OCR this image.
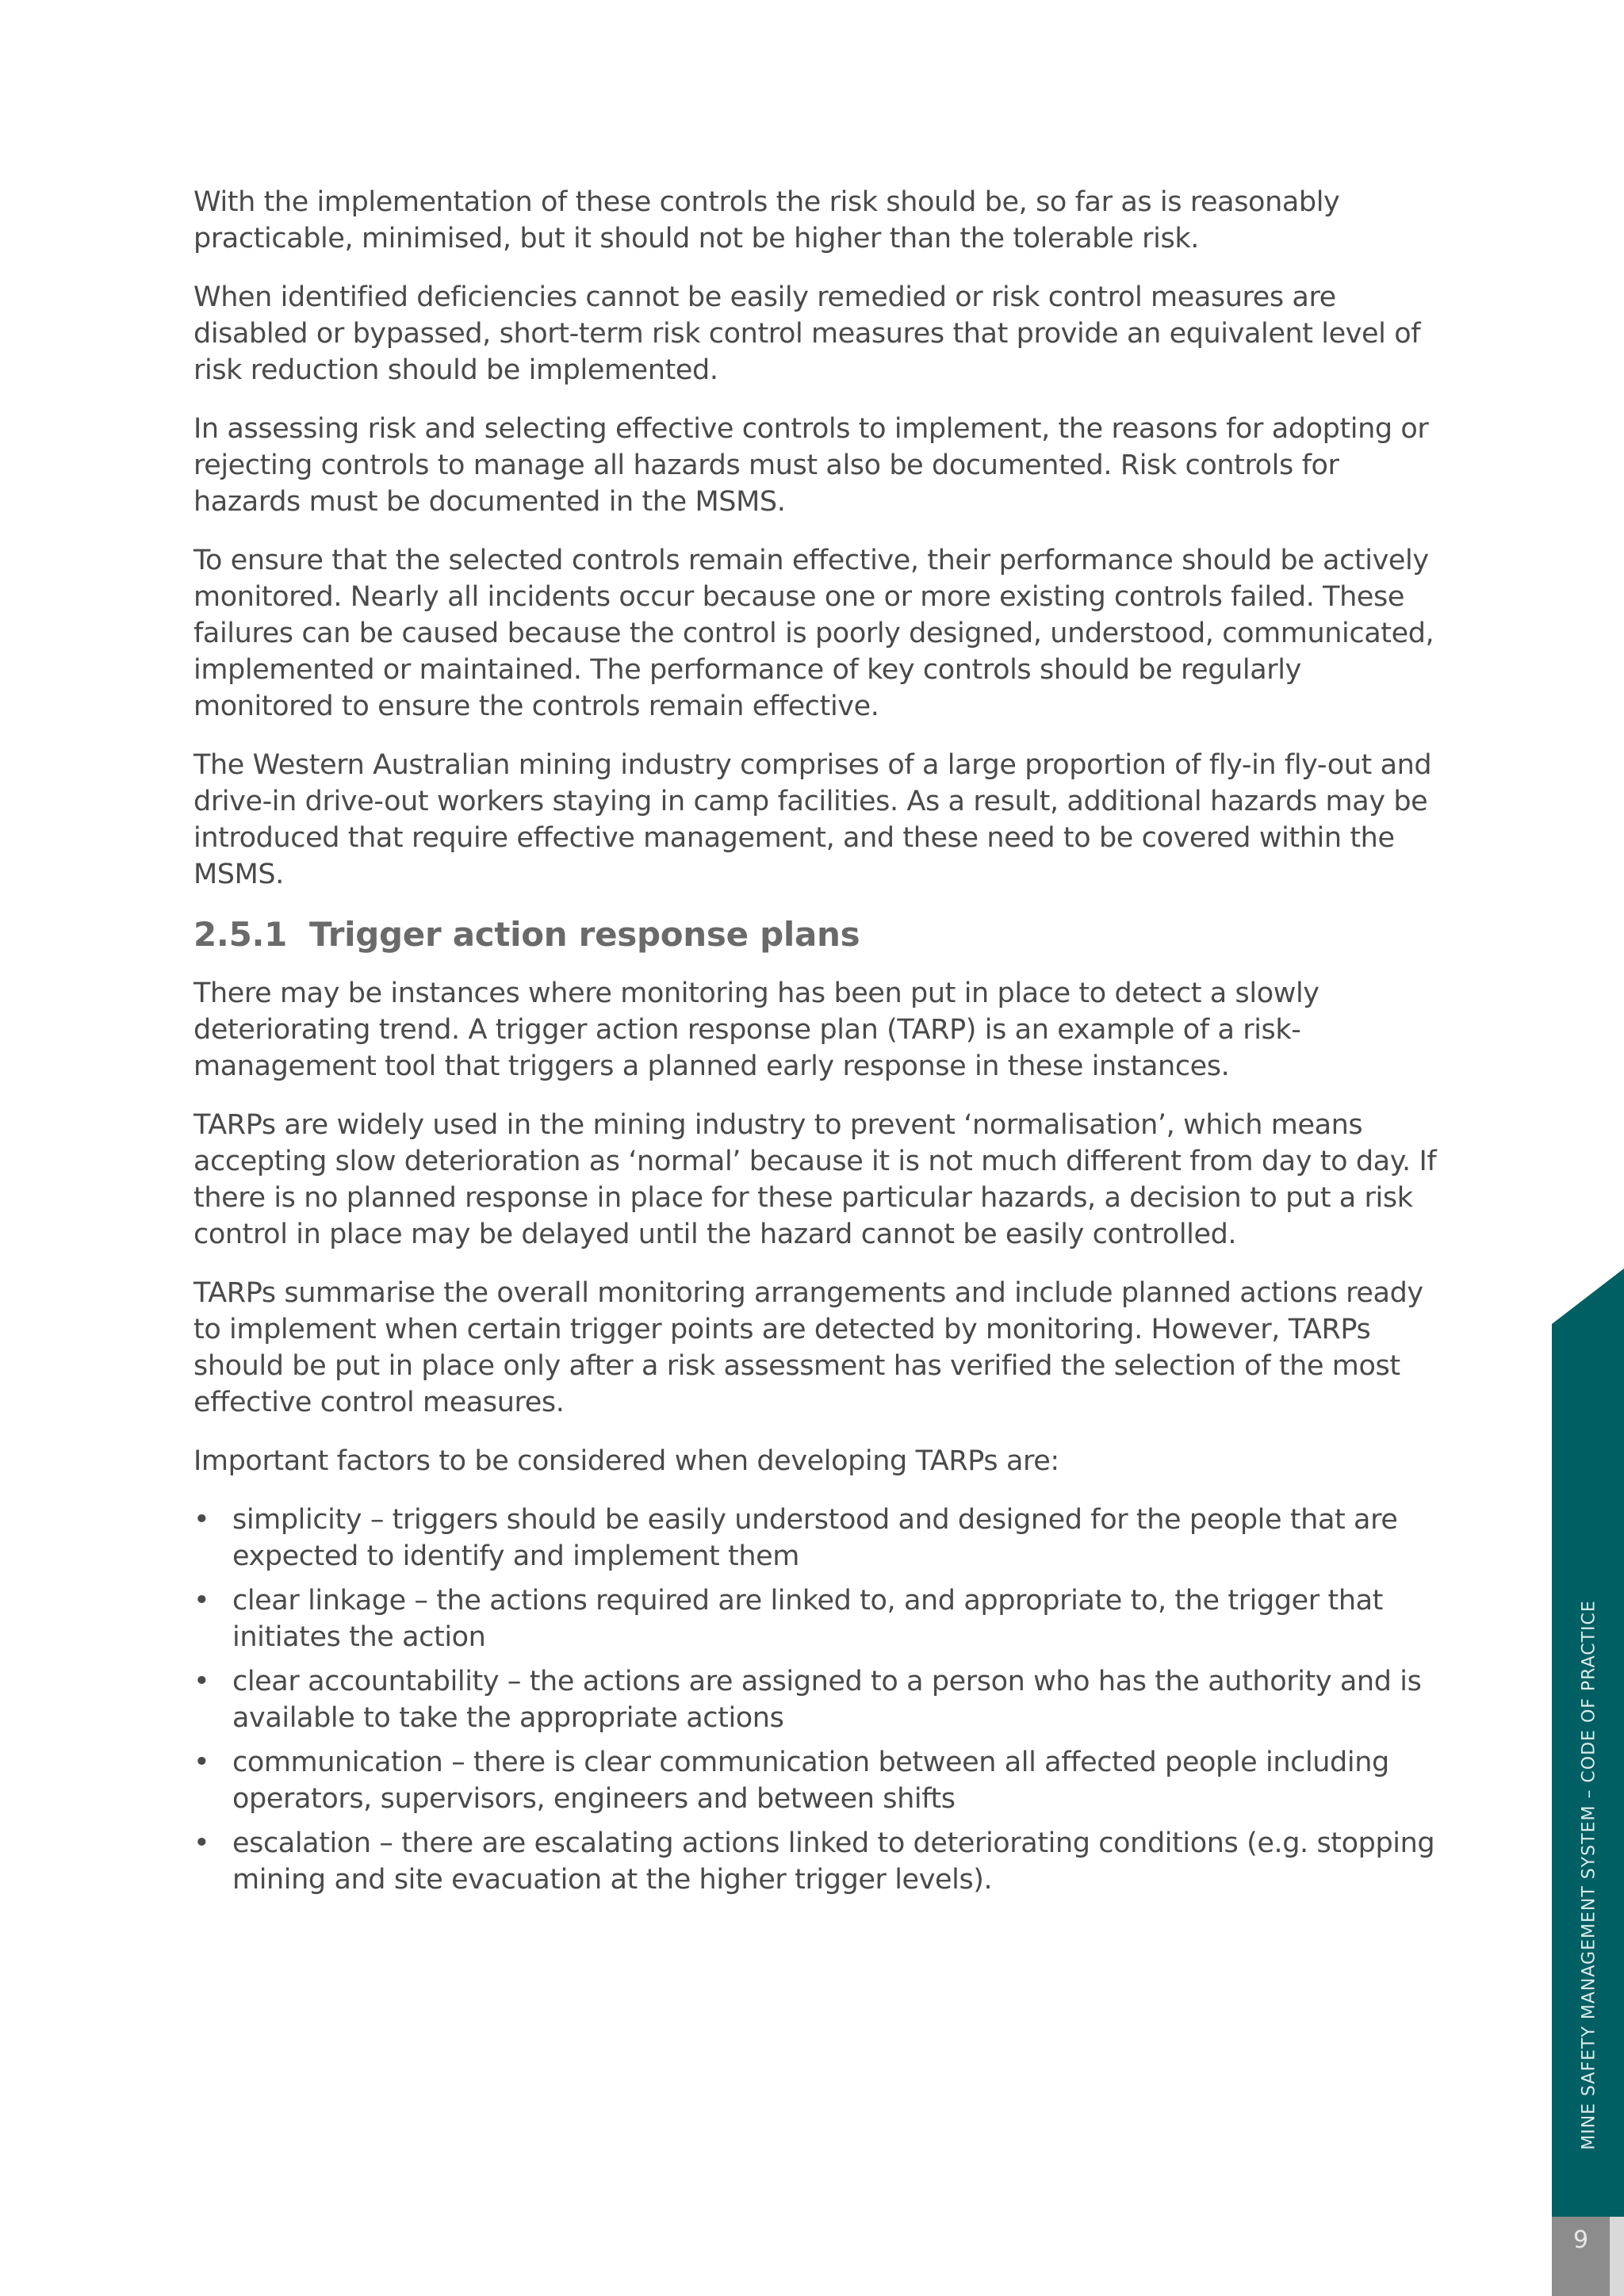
With the implementation of these controls the risk should be, so far as is reasonably practicable, minimised, but it should not be higher than the tolerable risk.

When identified deficiencies cannot be easily remedied or risk control measures are disabled or bypassed, short-term risk control measures that provide an equivalent level of risk reduction should be implemented.

In assessing risk and selecting effective controls to implement, the reasons for adopting or rejecting controls to manage all hazards must also be documented. Risk controls for hazards must be documented in the MSMS.

To ensure that the selected controls remain effective, their performance should be actively monitored. Nearly all incidents occur because one or more existing controls failed. These failures can be caused because the control is poorly designed, understood, communicated, implemented or maintained. The performance of key controls should be regularly monitored to ensure the controls remain effective.

The Western Australian mining industry comprises of a large proportion of fly-in fly-out and drive-in drive-out workers staying in camp facilities. As a result, additional hazards may be introduced that require effective management, and these need to be covered within the MSMS.

2.5.1 Trigger action response plans

There may be instances where monitoring has been put in place to detect a slowly deteriorating trend. A trigger action response plan (TARP) is an example of a risk-management tool that triggers a planned early response in these instances.

TARPs are widely used in the mining industry to prevent ‘normalisation’, which means accepting slow deterioration as ‘normal’ because it is not much different from day to day. If there is no planned response in place for these particular hazards, a decision to put a risk control in place may be delayed until the hazard cannot be easily controlled.

TARPs summarise the overall monitoring arrangements and include planned actions ready to implement when certain trigger points are detected by monitoring. However, TARPs should be put in place only after a risk assessment has verified the selection of the most effective control measures.

Important factors to be considered when developing TARPs are:

• simplicity – triggers should be easily understood and designed for the people that are expected to identify and implement them
• clear linkage – the actions required are linked to, and appropriate to, the trigger that initiates the action
• clear accountability – the actions are assigned to a person who has the authority and is available to take the appropriate actions
• communication – there is clear communication between all affected people including operators, supervisors, engineers and between shifts
• escalation – there are escalating actions linked to deteriorating conditions (e.g. stopping mining and site evacuation at the higher trigger levels).	MINE SAFETY MANAGEMENT SYSTEM – CODE OF PRACTICE
9
